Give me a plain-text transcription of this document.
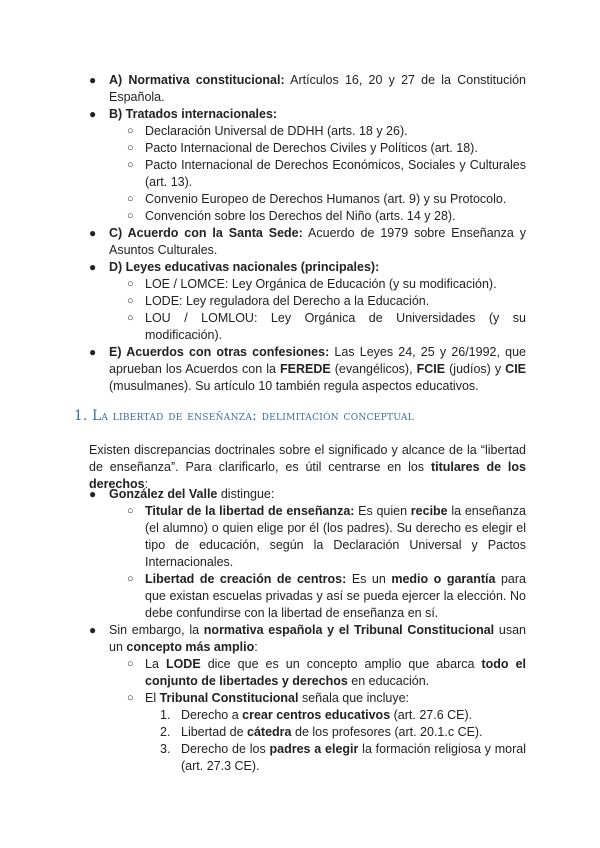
● A) Normativa constitucional: Artículos 16, 20 y 27 de la Constitución Española.
● B) Tratados internacionales:
○ Declaración Universal de DDHH (arts. 18 y 26).
○ Pacto Internacional de Derechos Civiles y Políticos (art. 18).
○ Pacto Internacional de Derechos Económicos, Sociales y Culturales (art. 13).
○ Convenio Europeo de Derechos Humanos (art. 9) y su Protocolo.
○ Convención sobre los Derechos del Niño (arts. 14 y 28).
● C) Acuerdo con la Santa Sede: Acuerdo de 1979 sobre Enseñanza y Asuntos Culturales.
● D) Leyes educativas nacionales (principales):
○ LOE / LOMCE: Ley Orgánica de Educación (y su modificación).
○ LODE: Ley reguladora del Derecho a la Educación.
○ LOU / LOMLOU: Ley Orgánica de Universidades (y su modificación).
● E) Acuerdos con otras confesiones: Las Leyes 24, 25 y 26/1992, que aprueban los Acuerdos con la FEREDE (evangélicos), FCIE (judíos) y CIE (musulmanes). Su artículo 10 también regula aspectos educativos.
1. La libertad de enseñanza: delimitación conceptual

Existen discrepancias doctrinales sobre el significado y alcance de la “libertad de enseñanza”. Para clarificarlo, es útil centrarse en los titulares de los derechos:

● González del Valle distingue:
○ Titular de la libertad de enseñanza: Es quien recibe la enseñanza (el alumno) o quien elige por él (los padres). Su derecho es elegir el tipo de educación, según la Declaración Universal y Pactos Internacionales.
○ Libertad de creación de centros: Es un medio o garantía para que existan escuelas privadas y así se pueda ejercer la elección. No debe confundirse con la libertad de enseñanza en sí.
● Sin embargo, la normativa española y el Tribunal Constitucional usan un concepto más amplio:
○ La LODE dice que es un concepto amplio que abarca todo el conjunto de libertades y derechos en educación.
○ El Tribunal Constitucional señala que incluye:
1. Derecho a crear centros educativos (art. 27.6 CE).
2. Libertad de cátedra de los profesores (art. 20.1.c CE).
3. Derecho de los padres a elegir la formación religiosa y moral (art. 27.3 CE).
